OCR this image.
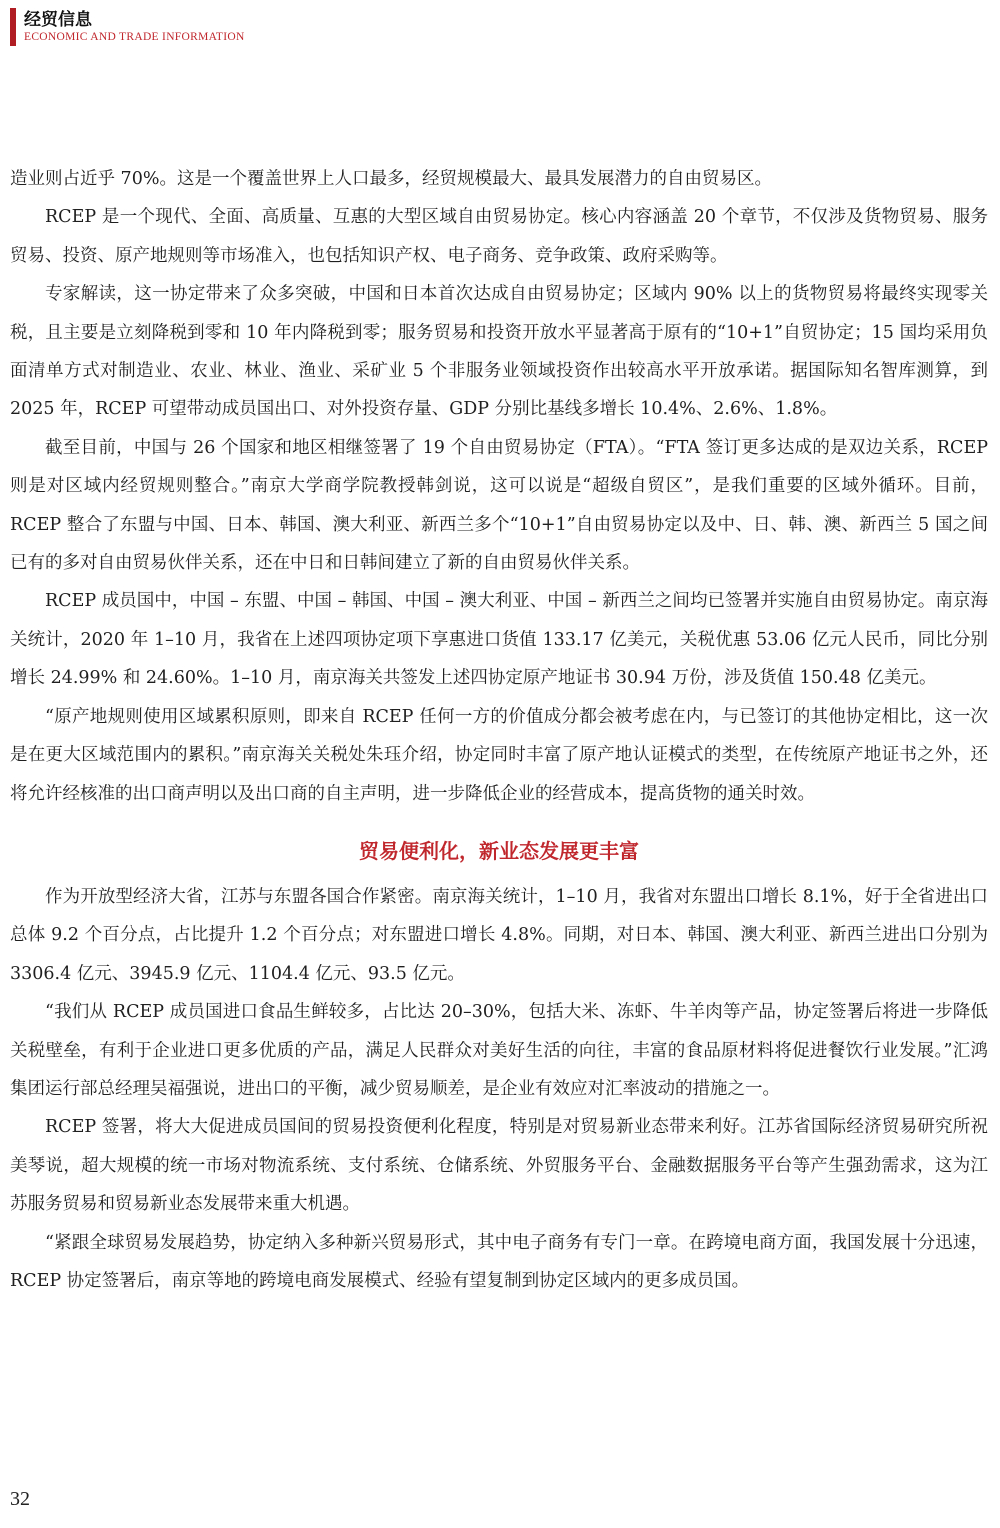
经贸信息
ECONOMIC AND TRADE INFORMATION

造业则占近乎 70%。这是一个覆盖世界上人口最多，经贸规模最大、最具发展潜力的自由贸易区。

RCEP 是一个现代、全面、高质量、互惠的大型区域自由贸易协定。核心内容涵盖 20 个章节，不仅涉及货物贸易、服务贸易、投资、原产地规则等市场准入，也包括知识产权、电子商务、竞争政策、政府采购等。

专家解读，这一协定带来了众多突破，中国和日本首次达成自由贸易协定；区域内 90% 以上的货物贸易将最终实现零关税，且主要是立刻降税到零和 10 年内降税到零；服务贸易和投资开放水平显著高于原有的“10+1”自贸协定；15 国均采用负面清单方式对制造业、农业、林业、渔业、采矿业 5 个非服务业领域投资作出较高水平开放承诺。据国际知名智库测算，到 2025 年，RCEP 可望带动成员国出口、对外投资存量、GDP 分别比基线多增长 10.4%、2.6%、1.8%。

截至目前，中国与 26 个国家和地区相继签署了 19 个自由贸易协定（FTA）。“FTA 签订更多达成的是双边关系，RCEP 则是对区域内经贸规则整合。”南京大学商学院教授韩剑说，这可以说是“超级自贸区”，是我们重要的区域外循环。目前，RCEP 整合了东盟与中国、日本、韩国、澳大利亚、新西兰多个“10+1”自由贸易协定以及中、日、韩、澳、新西兰 5 国之间已有的多对自由贸易伙伴关系，还在中日和日韩间建立了新的自由贸易伙伴关系。

RCEP 成员国中，中国 – 东盟、中国 – 韩国、中国 – 澳大利亚、中国 – 新西兰之间均已签署并实施自由贸易协定。南京海关统计，2020 年 1–10 月，我省在上述四项协定项下享惠进口货值 133.17 亿美元，关税优惠 53.06 亿元人民币，同比分别增长 24.99% 和 24.60%。1–10 月，南京海关共签发上述四协定原产地证书 30.94 万份，涉及货值 150.48 亿美元。

“原产地规则使用区域累积原则，即来自 RCEP 任何一方的价值成分都会被考虑在内，与已签订的其他协定相比，这一次是在更大区域范围内的累积。”南京海关关税处朱珏介绍，协定同时丰富了原产地认证模式的类型，在传统原产地证书之外，还将允许经核准的出口商声明以及出口商的自主声明，进一步降低企业的经营成本，提高货物的通关时效。

贸易便利化，新业态发展更丰富

作为开放型经济大省，江苏与东盟各国合作紧密。南京海关统计，1–10 月，我省对东盟出口增长 8.1%，好于全省进出口总体 9.2 个百分点，占比提升 1.2 个百分点；对东盟进口增长 4.8%。同期，对日本、韩国、澳大利亚、新西兰进出口分别为 3306.4 亿元、3945.9 亿元、1104.4 亿元、93.5 亿元。

“我们从 RCEP 成员国进口食品生鲜较多，占比达 20–30%，包括大米、冻虾、牛羊肉等产品，协定签署后将进一步降低关税壁垒，有利于企业进口更多优质的产品，满足人民群众对美好生活的向往，丰富的食品原材料将促进餐饮行业发展。”汇鸿集团运行部总经理吴福强说，进出口的平衡，减少贸易顺差，是企业有效应对汇率波动的措施之一。

RCEP 签署，将大大促进成员国间的贸易投资便利化程度，特别是对贸易新业态带来利好。江苏省国际经济贸易研究所祝美琴说，超大规模的统一市场对物流系统、支付系统、仓储系统、外贸服务平台、金融数据服务平台等产生强劲需求，这为江苏服务贸易和贸易新业态发展带来重大机遇。

“紧跟全球贸易发展趋势，协定纳入多种新兴贸易形式，其中电子商务有专门一章。在跨境电商方面，我国发展十分迅速，RCEP 协定签署后，南京等地的跨境电商发展模式、经验有望复制到协定区域内的更多成员国。

32
